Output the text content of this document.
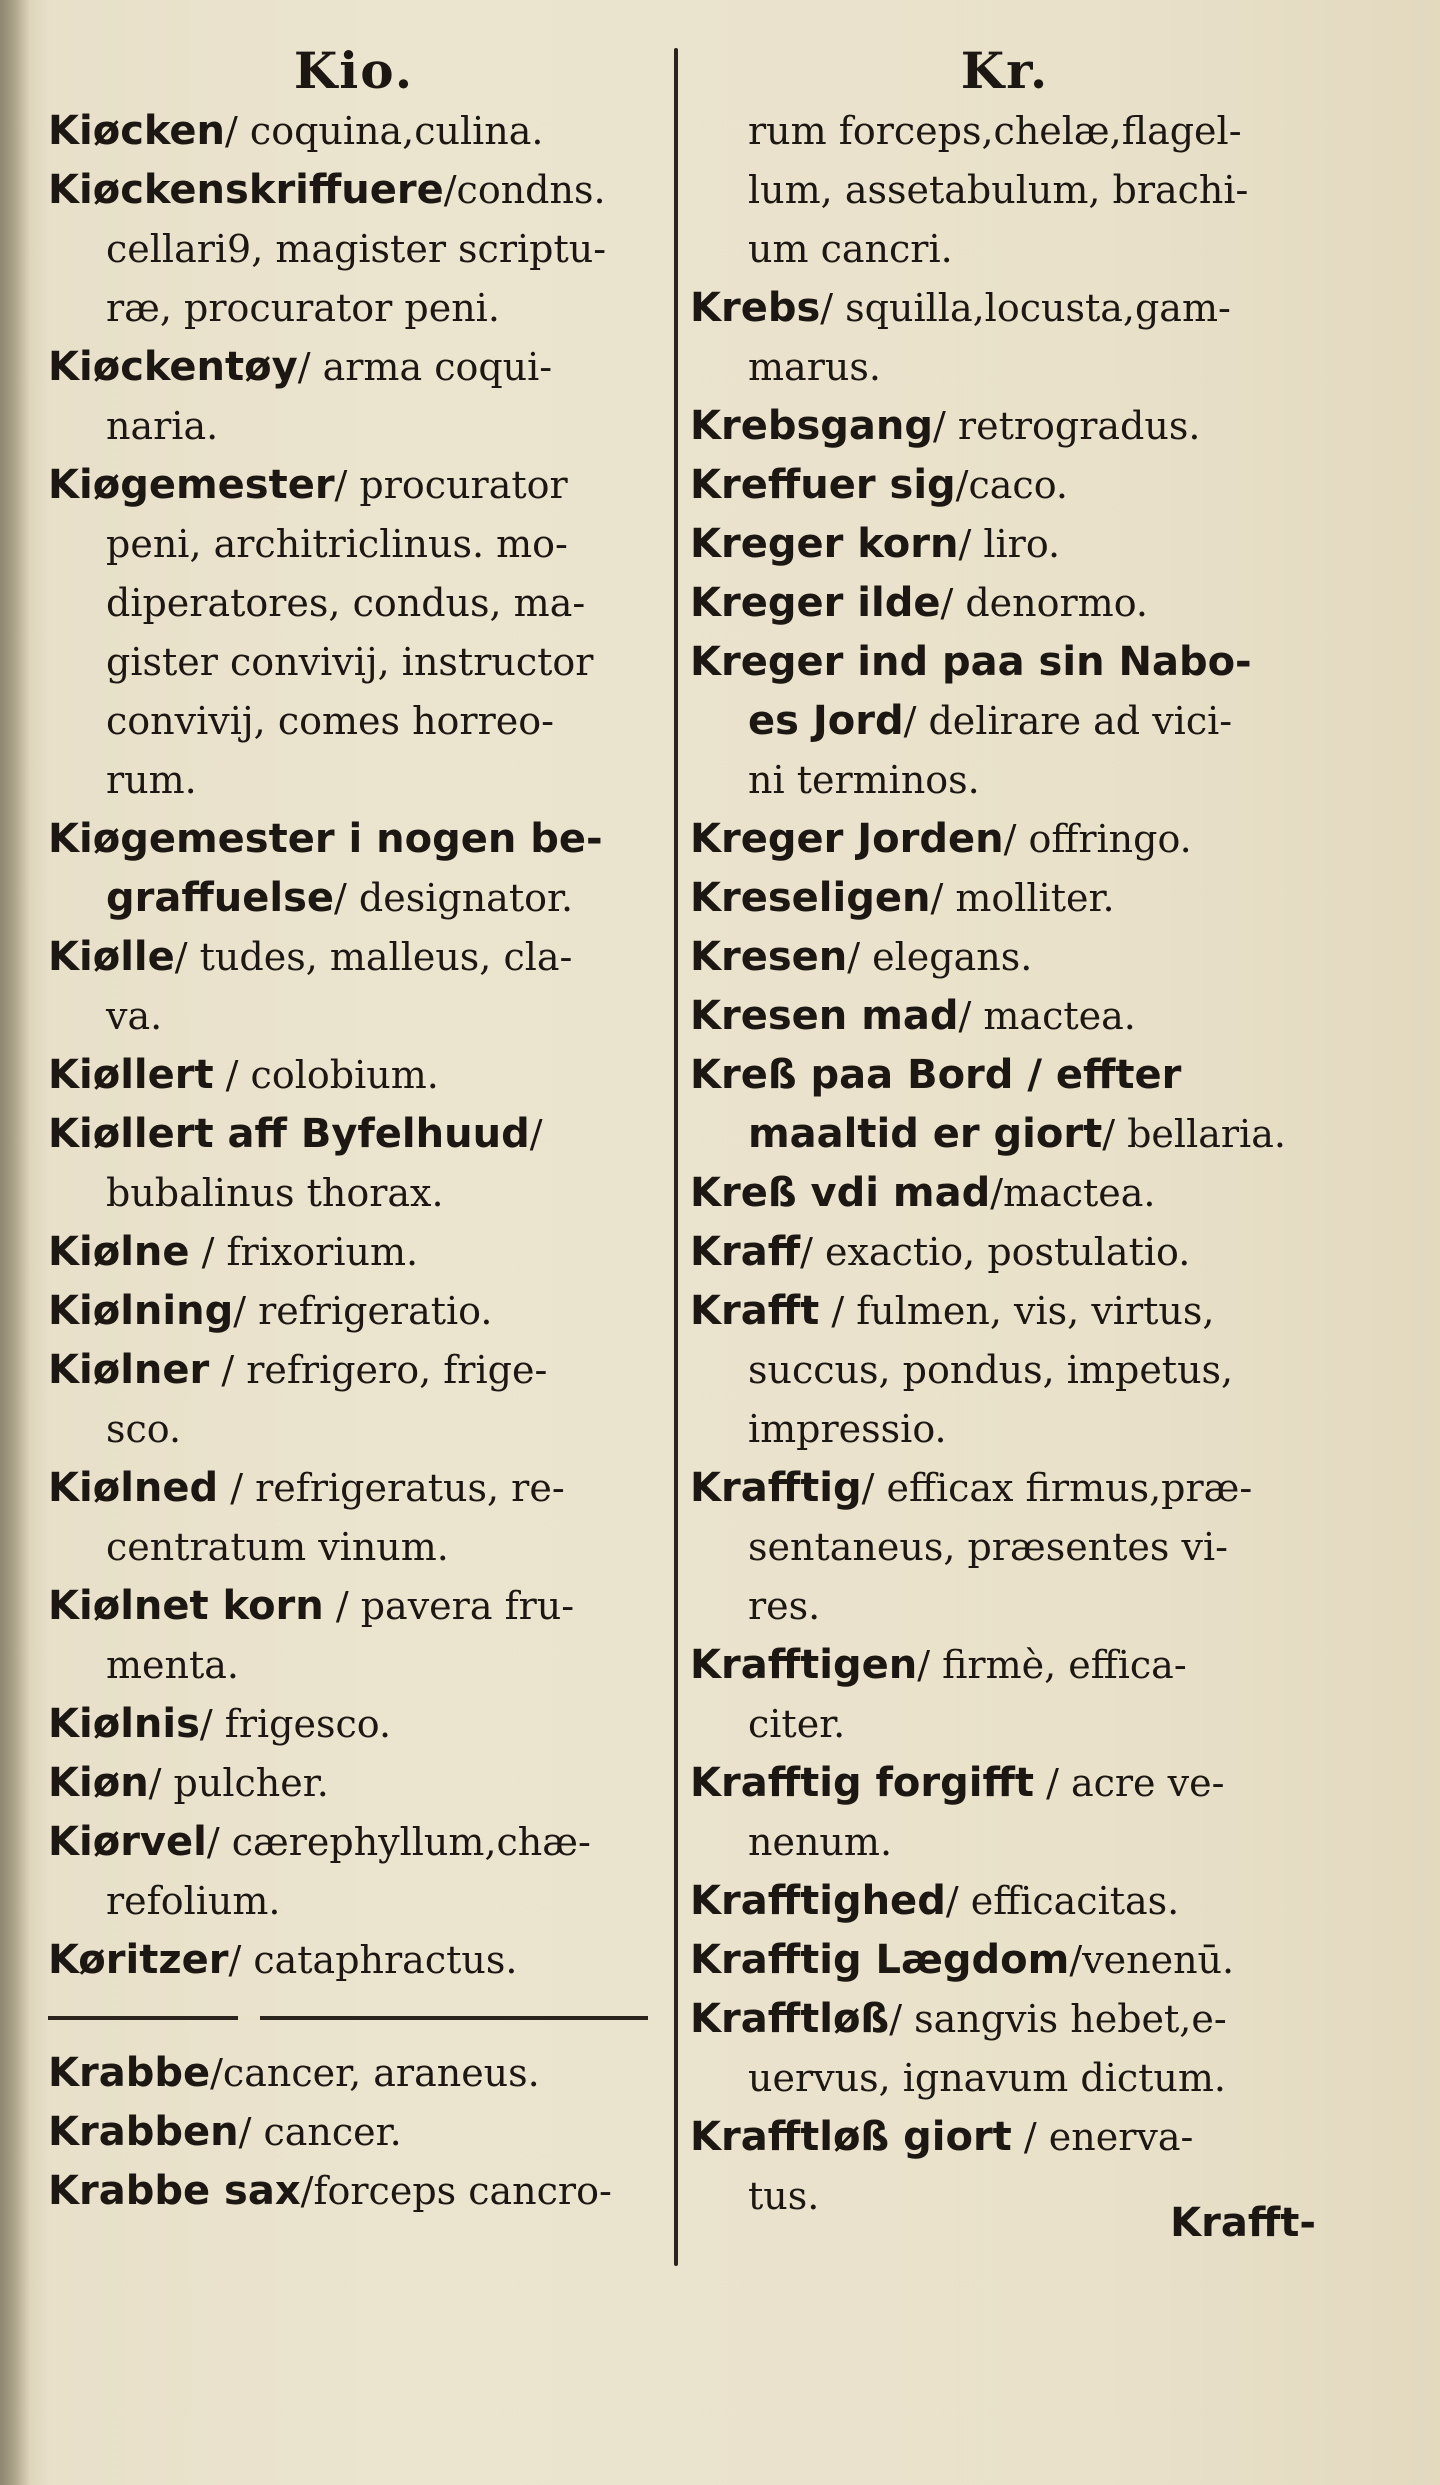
Kio.
Kiøcken/ coquina,culina.
Kiøckenskriffuere/condns.
cellari9, magister scriptu-
ræ, procurator peni.
Kiøckentøy/ arma coqui-
naria.
Kiøgemester/ procurator
peni, architriclinus. mo-
diperatores, condus, ma-
gister convivij, instructor
convivij, comes horreo-
rum.
Kiøgemester i nogen be-
graffuelse/ designator.
Kiølle/ tudes, malleus, cla-
va.
Kiøllert / colobium.
Kiøllert aff Byfelhuud/
bubalinus thorax.
Kiølne / frixorium.
Kiølning/ refrigeratio.
Kiølner / refrigero, frige-
sco.
Kiølned / refrigeratus, re-
centratum vinum.
Kiølnet korn / pavera fru-
menta.
Kiølnis/ frigesco.
Kiøn/ pulcher.
Kiørvel/ cærephyllum,chæ-
refolium.
Køritzer/ cataphractus.
Krabbe/cancer, araneus.
Krabben/ cancer.
Krabbe sax/forceps cancro-
Kr.
rum forceps,chelæ,flagel-
lum, assetabulum, brachi-
um cancri.
Krebs/ squilla,locusta,gam-
marus.
Krebsgang/ retrogradus.
Kreffuer sig/caco.
Kreger korn/ liro.
Kreger ilde/ denormo.
Kreger ind paa sin Nabo-
es Jord/ delirare ad vici-
ni terminos.
Kreger Jorden/ offringo.
Kreseligen/ molliter.
Kresen/ elegans.
Kresen mad/ mactea.
Kreß paa Bord / effter
maaltid er giort/ bellaria.
Kreß vdi mad/mactea.
Kraff/ exactio, postulatio.
Krafft / fulmen, vis, virtus,
succus, pondus, impetus,
impressio.
Krafftig/ efficax firmus,præ-
sentaneus, præsentes vi-
res.
Krafftigen/ firmè, effica-
citer.
Krafftig forgifft / acre ve-
nenum.
Krafftighed/ efficacitas.
Krafftig Lægdom/venenū.
Krafftløß/ sangvis hebet,e-
uervus, ignavum dictum.
Krafftløß giort / enerva-
tus.
Krafft-
